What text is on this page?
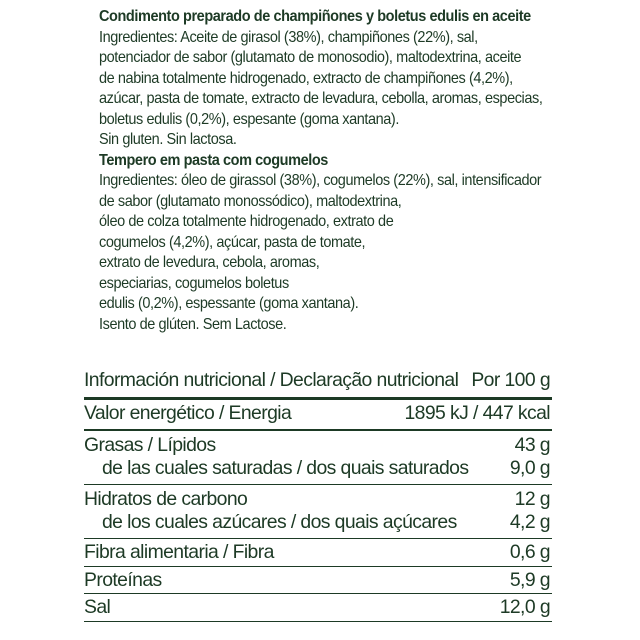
Condimento preparado de champiñones y boletus edulis en aceite
Ingredientes: Aceite de girasol (38%), champiñones (22%), sal,
potenciador de sabor (glutamato de monosodio), maltodextrina, aceite
de nabina totalmente hidrogenado, extracto de champiñones (4,2%),
azúcar, pasta de tomate, extracto de levadura, cebolla, aromas, especias,
boletus edulis (0,2%), espesante (goma xantana).
Sin gluten. Sin lactosa.
Tempero em pasta com cogumelos
Ingredientes: óleo de girassol (38%), cogumelos (22%), sal, intensificador
de sabor (glutamato monossódico), maltodextrina,
óleo de colza totalmente hidrogenado, extrato de
cogumelos (4,2%), açúcar, pasta de tomate,
extrato de levedura, cebola, aromas,
especiarias, cogumelos boletus
edulis (0,2%), espessante (goma xantana).
Isento de glúten. Sem Lactose.
Información nutricional / Declaração nutricional Por 100 g
Valor energético / Energia	1895 kJ / 447 kcal
Grasas / Lípidos	43 g
de las cuales saturadas / dos quais saturados 9,0 g
Hidratos de carbono	12 g
de los cuales azúcares / dos quais açúcares	4,2 g
Fibra alimentaria / Fibra	0,6 g
Proteínas	5,9 g
Sal	12,0 g
